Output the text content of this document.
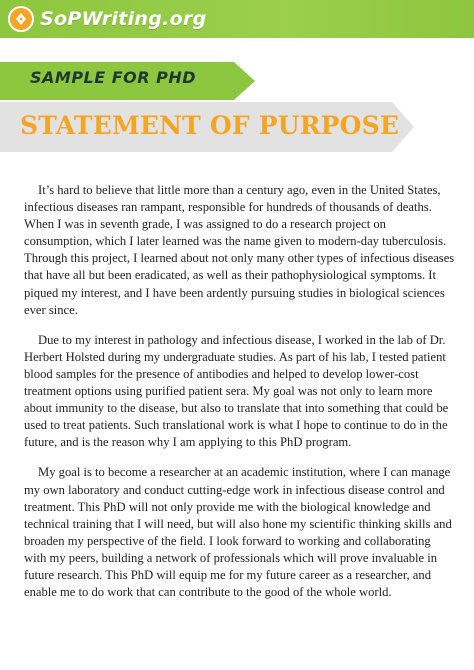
SoPWriting.org
SAMPLE FOR PHD
STATEMENT OF PURPOSE

It’s hard to believe that little more than a century ago, even in the United States, infectious diseases ran rampant, responsible for hundreds of thousands of deaths. When I was in seventh grade, I was assigned to do a research project on consumption, which I later learned was the name given to modern-day tuberculosis. Through this project, I learned about not only many other types of infectious diseases that have all but been eradicated, as well as their pathophysiological symptoms. It piqued my interest, and I have been ardently pursuing studies in biological sciences ever since.

Due to my interest in pathology and infectious disease, I worked in the lab of Dr. Herbert Holsted during my undergraduate studies. As part of his lab, I tested patient blood samples for the presence of antibodies and helped to develop lower-cost treatment options using purified patient sera. My goal was not only to learn more about immunity to the disease, but also to translate that into something that could be used to treat patients. Such translational work is what I hope to continue to do in the future, and is the reason why I am applying to this PhD program.

My goal is to become a researcher at an academic institution, where I can manage my own laboratory and conduct cutting-edge work in infectious disease control and treatment. This PhD will not only provide me with the biological knowledge and technical training that I will need, but will also hone my scientific thinking skills and broaden my perspective of the field. I look forward to working and collaborating with my peers, building a network of professionals which will prove invaluable in future research. This PhD will equip me for my future career as a researcher, and enable me to do work that can contribute to the good of the whole world.
